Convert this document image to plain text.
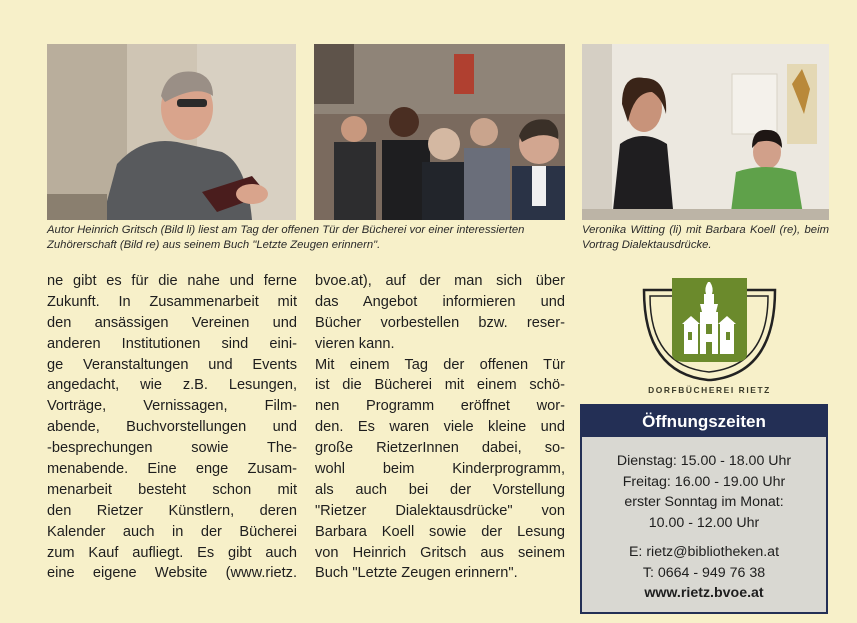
Autor Heinrich Gritsch (Bild li) liest am Tag der offenen Tür der Bücherei vor einer interessierten Zuhörerschaft (Bild re) aus seinem Buch "Letzte Zeugen erinnern".

Veronika Witting (li) mit Barbara Koell (re), beim Vortrag Dialektausdrücke.

ne gibt es für die nahe und ferne
Zukunft. In Zusammenarbeit mit
den ansässigen Vereinen und
anderen Institutionen sind eini-
ge Veranstaltungen und Events
angedacht, wie z.B. Lesungen,
Vorträge, Vernissagen, Film-
abende, Buchvorstellungen und
-besprechungen sowie The-
menabende. Eine enge Zusam-
menarbeit besteht schon mit
den Rietzer Künstlern, deren
Kalender auch in der Bücherei
zum Kauf aufliegt. Es gibt auch
eine eigene Website (www.rietz.
bvoe.at), auf der man sich über
das Angebot informieren und
Bücher vorbestellen bzw. reser-
vieren kann.
Mit einem Tag der offenen Tür
ist die Bücherei mit einem schö-
nen Programm eröffnet wor-
den. Es waren viele kleine und
große RietzerInnen dabei, so-
wohl beim Kinderprogramm,
als auch bei der Vorstellung
"Rietzer Dialektausdrücke" von
Barbara Koell sowie der Lesung
von Heinrich Gritsch aus seinem
Buch "Letzte Zeugen erinnern".
DORFBÜCHEREI RIETZ
Öffnungszeiten
Dienstag: 15.00 - 18.00 Uhr
Freitag: 16.00 - 19.00 Uhr
erster Sonntag im Monat:
10.00 - 12.00 Uhr
E: rietz@bibliotheken.at
T: 0664 - 949 76 38
www.rietz.bvoe.at
